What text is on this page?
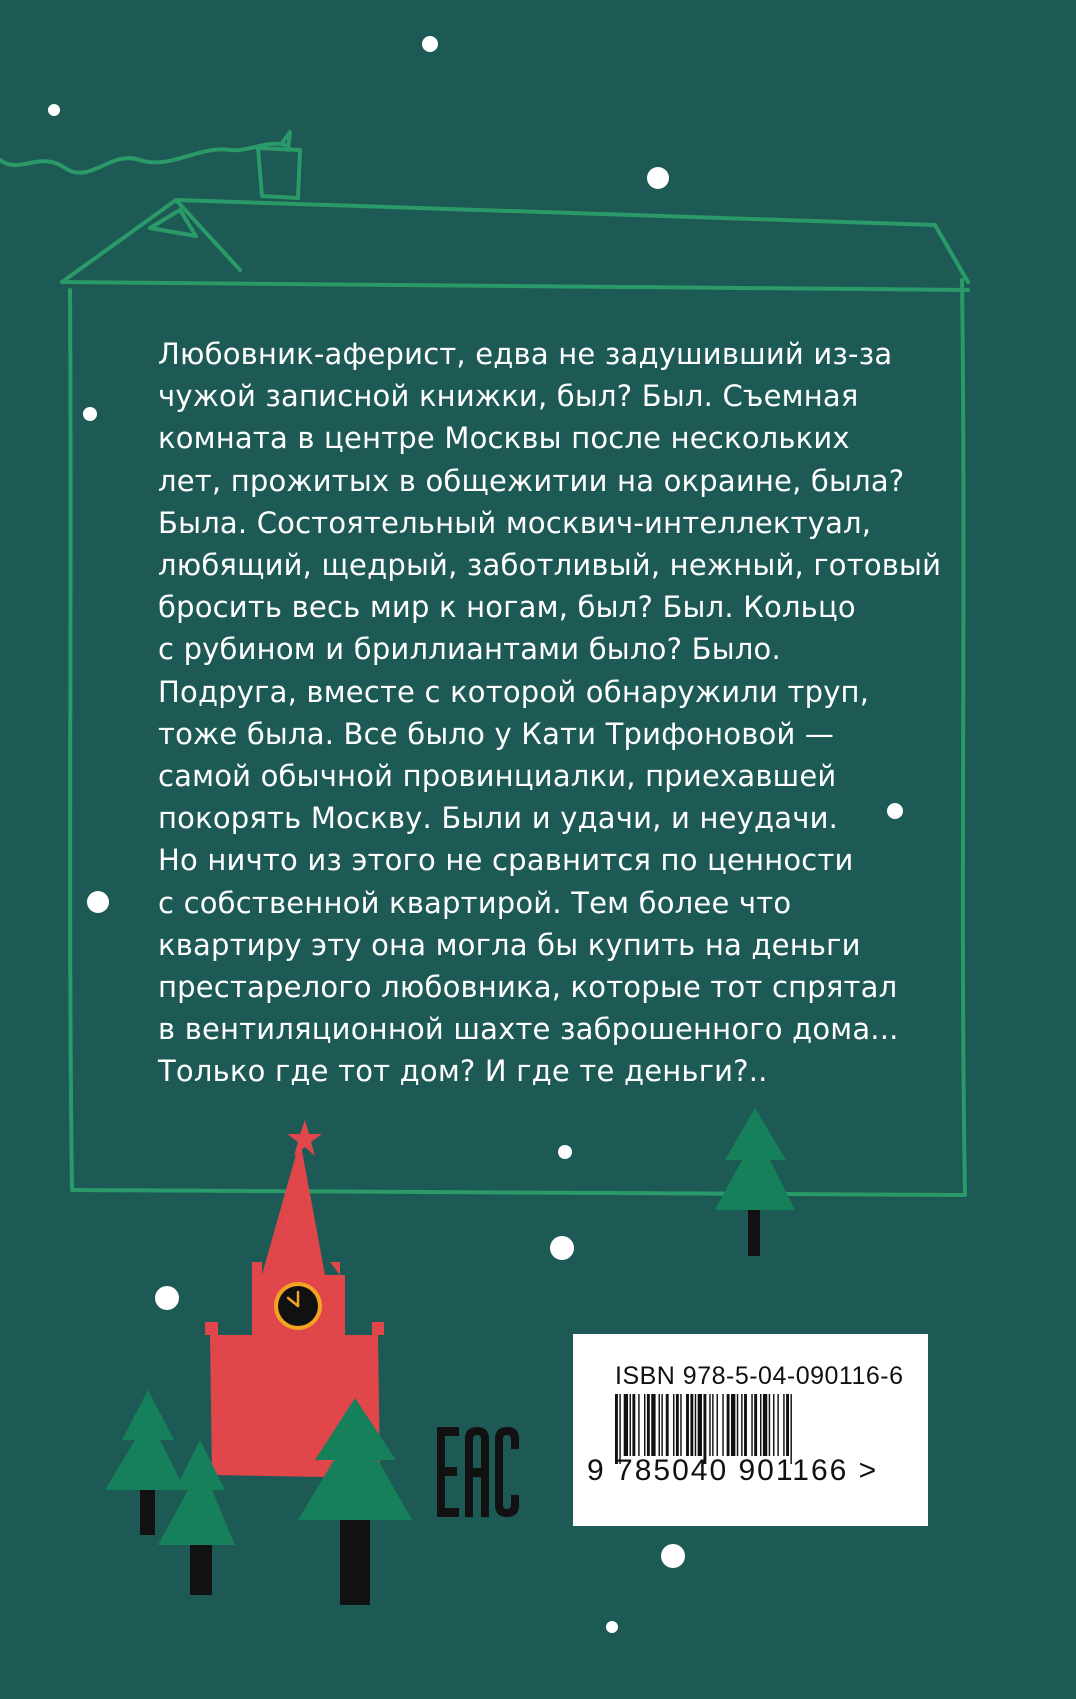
Любовник-аферист, едва не задушивший из-за
чужой записной книжки, был? Был. Съемная
комната в центре Москвы после нескольких
лет, прожитых в общежитии на окраине, была?
Была. Состоятельный москвич-интеллектуал,
любящий, щедрый, заботливый, нежный, готовый
бросить весь мир к ногам, был? Был. Кольцо
с рубином и бриллиантами было? Было.
Подруга, вместе с которой обнаружили труп,
тоже была. Все было у Кати Трифоновой —
самой обычной провинциалки, приехавшей
покорять Москву. Были и удачи, и неудачи.
Но ничто из этого не сравнится по ценности
с собственной квартирой. Тем более что
квартиру эту она могла бы купить на деньги
престарелого любовника, которые тот спрятал
в вентиляционной шахте заброшенного дома...
Только где тот дом? И где те деньги?..
ISBN 978-5-04-090116-6
9 785040 901166 >
